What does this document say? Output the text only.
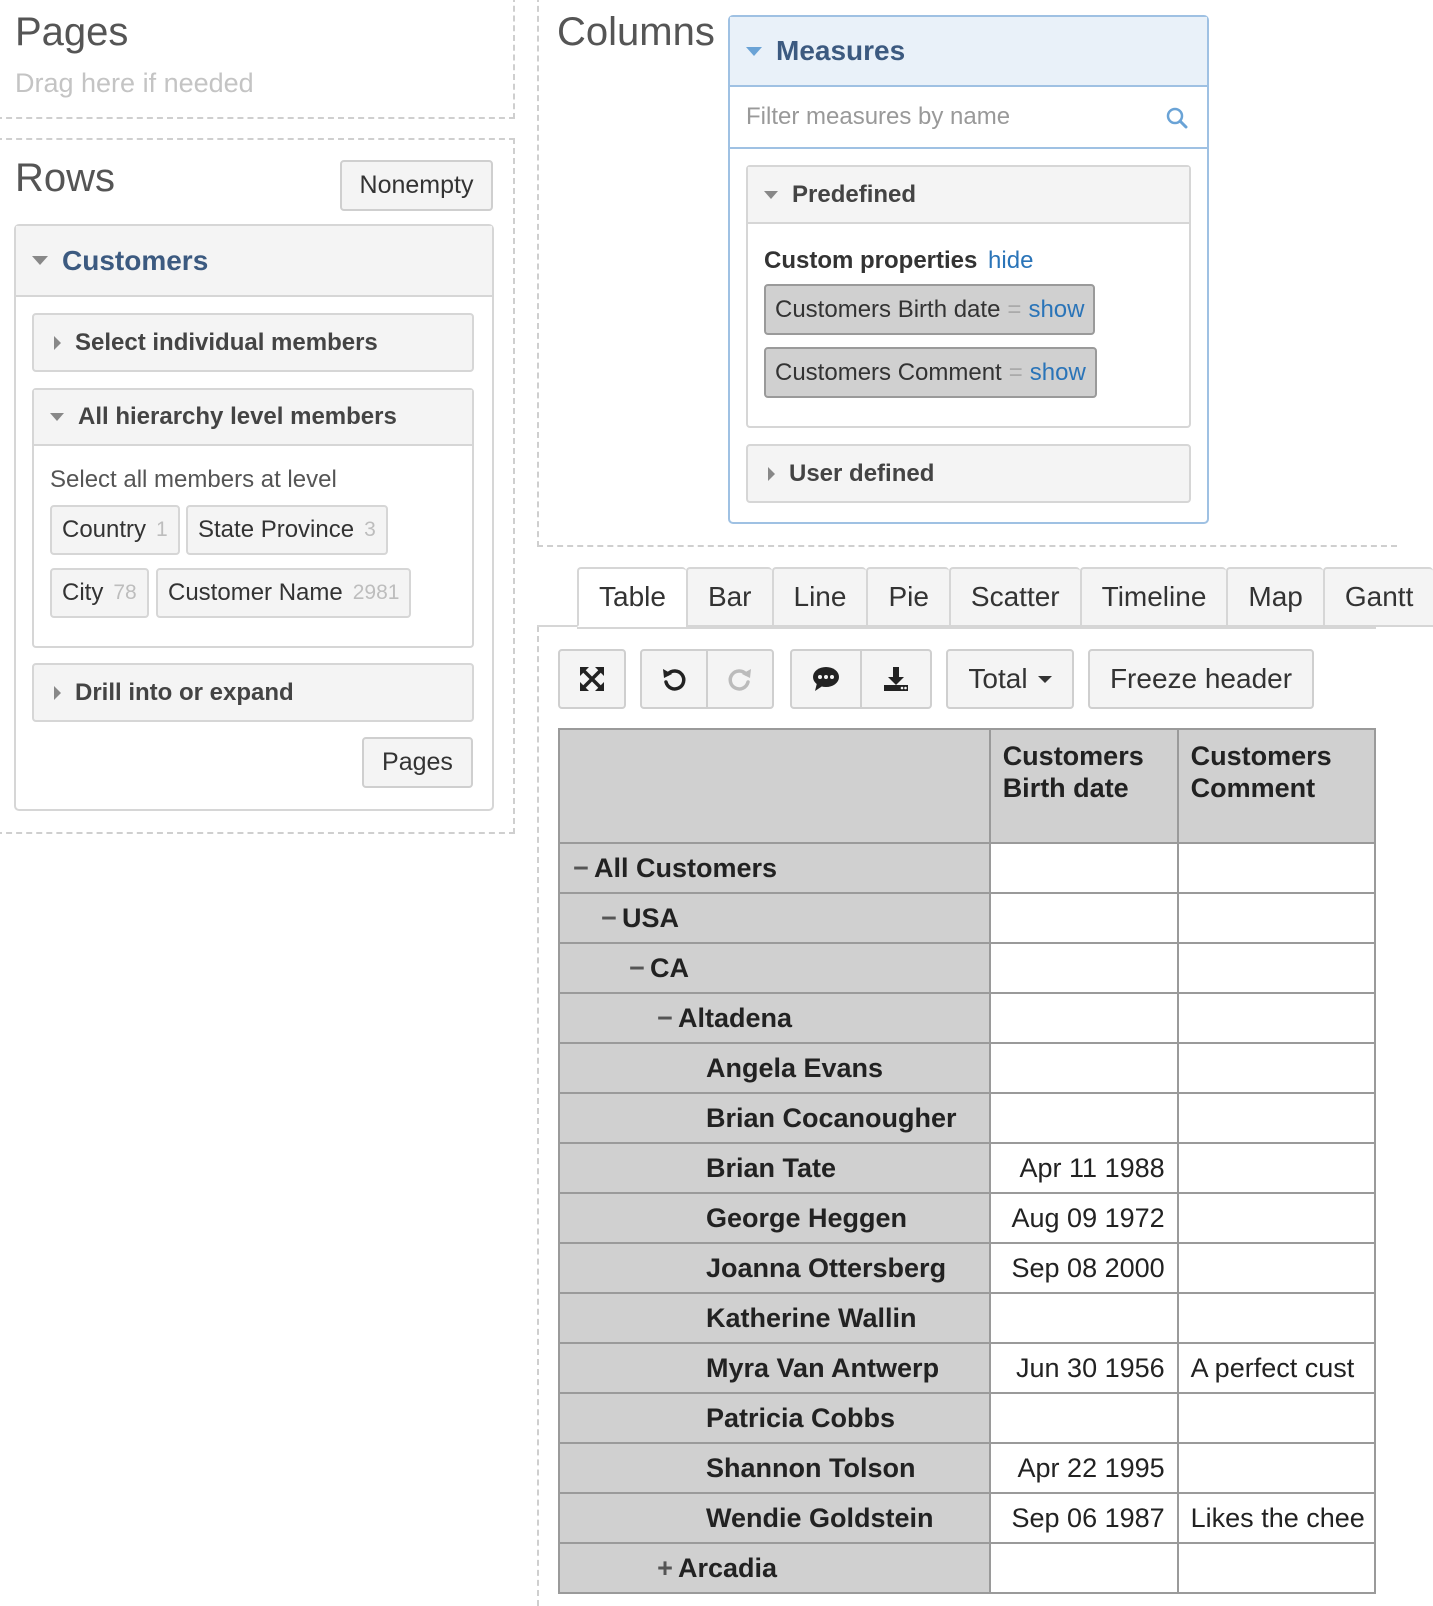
Pages
Drag here if needed
Rows	Nonempty
Customers
Select individual members
All hierarchy level members
Select all members at level
Country 1 State Province 3
City 78 Customer Name 2981
Drill into or expand
Pages
Columns Measures
Filter measures by name
Predefined
Custom properties hide
Customers Birth date = show
Customers Comment = show
User defined
Table	Bar	Line	Pie	Scatter	Timeline	Map	Gantt
Total	Freeze header
	Customers Birth date	Customers Comment
− All Customers		
− USA		
− CA		
− Altadena		
Angela Evans		
Brian Cocanougher		
Brian Tate	Apr 11 1988	
George Heggen	Aug 09 1972	
Joanna Ottersberg	Sep 08 2000	
Katherine Wallin		
Myra Van Antwerp	Jun 30 1956	A perfect cust
Patricia Cobbs		
Shannon Tolson	Apr 22 1995	
Wendie Goldstein	Sep 06 1987	Likes the chee
+ Arcadia		
